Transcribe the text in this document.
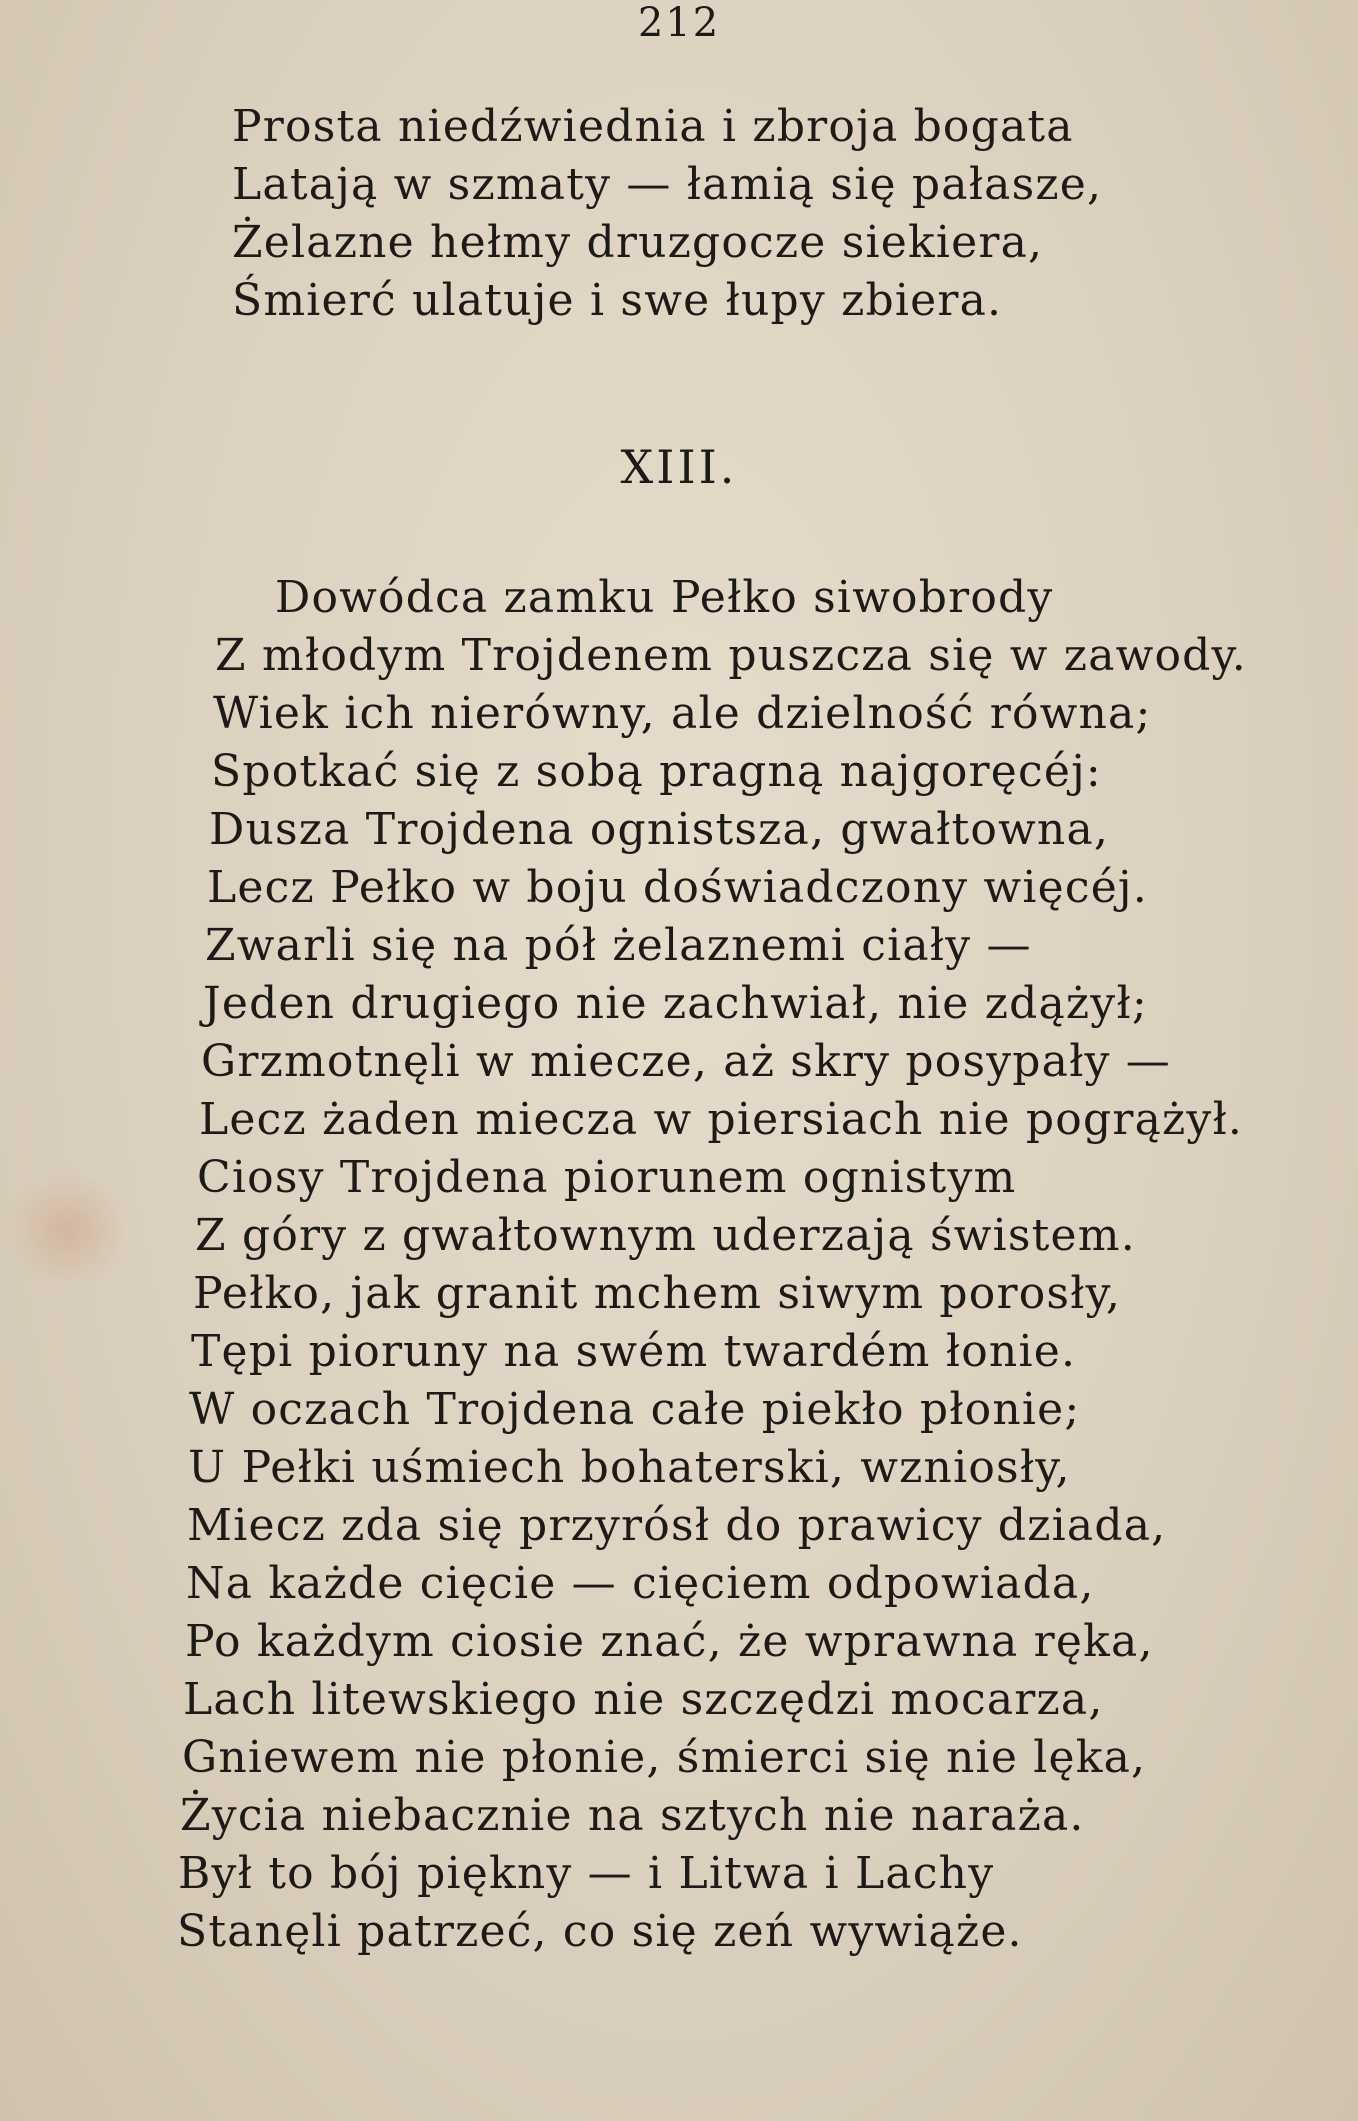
212
Prosta niedźwiednia i zbroja bogata
Latają w szmaty — łamią się pałasze,
Żelazne hełmy druzgocze siekiera,
Śmierć ulatuje i swe łupy zbiera.
XIII.
Dowódca zamku Pełko siwobrody
Z młodym Trojdenem puszcza się w zawody.
Wiek ich nierówny, ale dzielność równa;
Spotkać się z sobą pragną najgoręcéj:
Dusza Trojdena ognistsza, gwałtowna,
Lecz Pełko w boju doświadczony więcéj.
Zwarli się na pół żelaznemi ciały —
Jeden drugiego nie zachwiał, nie zdążył;
Grzmotnęli w miecze, aż skry posypały —
Lecz żaden miecza w piersiach nie pogrążył.
Ciosy Trojdena piorunem ognistym
Z góry z gwałtownym uderzają świstem.
Pełko, jak granit mchem siwym porosły,
Tępi pioruny na swém twardém łonie.
W oczach Trojdena całe piekło płonie;
U Pełki uśmiech bohaterski, wzniosły,
Miecz zda się przyrósł do prawicy dziada,
Na każde cięcie — cięciem odpowiada,
Po każdym ciosie znać, że wprawna ręka,
Lach litewskiego nie szczędzi mocarza,
Gniewem nie płonie, śmierci się nie lęka,
Życia niebacznie na sztych nie naraża.
Był to bój piękny — i Litwa i Lachy
Stanęli patrzeć, co się zeń wywiąże.
